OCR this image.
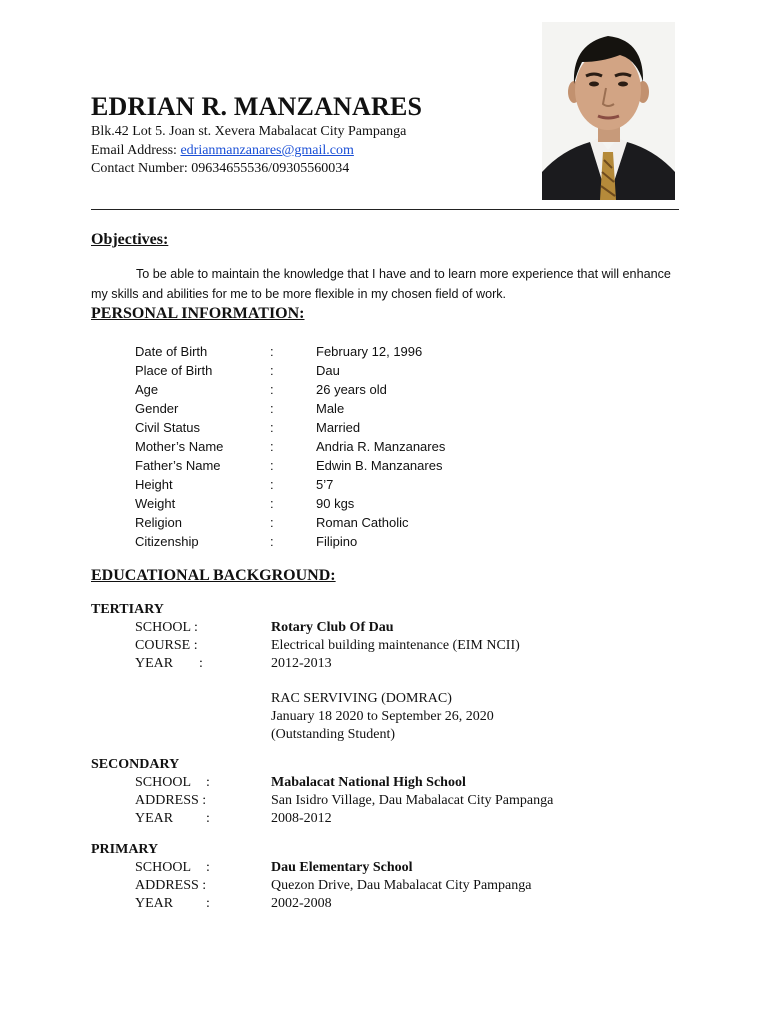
EDRIAN R. MANZANARES
Blk.42 Lot 5. Joan st. Xevera Mabalacat City Pampanga
Email Address: edrianmanzanares@gmail.com
Contact Number: 09634655536/09305560034
Objectives:
To be able to maintain the knowledge that I have and to learn more experience that will enhance my skills and abilities for me to be more flexible in my chosen field of work.
PERSONAL INFORMATION:
Date of Birth	:	February 12, 1996
Place of Birth	:	Dau
Age	:	26 years old
Gender	:	Male
Civil Status	:	Married
Mother’s Name	:	Andria R. Manzanares
Father’s Name	:	Edwin B. Manzanares
Height	:	5’7
Weight	:	90 kgs
Religion	:	Roman Catholic
Citizenship	:	Filipino
EDUCATIONAL BACKGROUND:
TERTIARY
SCHOOL :	Rotary Club Of Dau
COURSE :	Electrical building maintenance (EIM NCII)
YEAR :	2012-2013
RAC SERVIVING (DOMRAC)
January 18 2020 to September 26, 2020
(Outstanding Student)
SECONDARY
SCHOOL :	Mabalacat National High School
ADDRESS :	San Isidro Village, Dau Mabalacat City Pampanga
YEAR :	2008-2012
PRIMARY
SCHOOL :	Dau Elementary School
ADDRESS :	Quezon Drive, Dau Mabalacat City Pampanga
YEAR :	2002-2008
